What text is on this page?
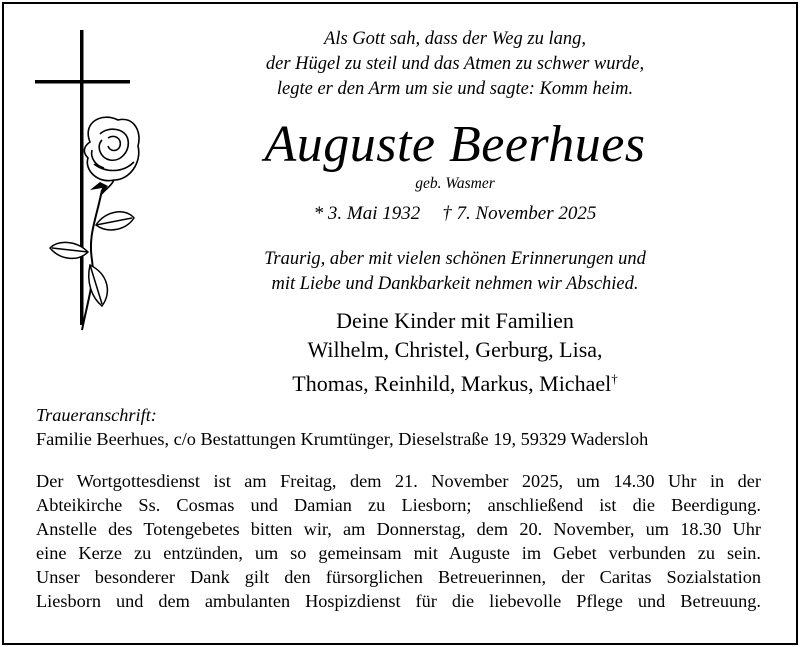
Als Gott sah, dass der Weg zu lang,
der Hügel zu steil und das Atmen zu schwer wurde,
legte er den Arm um sie und sagte: Komm heim.
Auguste Beerhues
geb. Wasmer
* 3. Mai 1932 † 7. November 2025
Traurig, aber mit vielen schönen Erinnerungen und
mit Liebe und Dankbarkeit nehmen wir Abschied.
Deine Kinder mit Familien
Wilhelm, Christel, Gerburg, Lisa,
Thomas, Reinhild, Markus, Michael†
Traueranschrift:
Familie Beerhues, c/o Bestattungen Krumtünger, Dieselstraße 19, 59329 Wadersloh
Der Wortgottesdienst ist am Freitag, dem 21. November 2025, um 14.30 Uhr in der
Abteikirche Ss. Cosmas und Damian zu Liesborn; anschließend ist die Beerdigung.
Anstelle des Totengebetes bitten wir, am Donnerstag, dem 20. November, um 18.30 Uhr
eine Kerze zu entzünden, um so gemeinsam mit Auguste im Gebet verbunden zu sein.
Unser besonderer Dank gilt den fürsorglichen Betreuerinnen, der Caritas Sozialstation
Liesborn und dem ambulanten Hospizdienst für die liebevolle Pflege und Betreuung.
